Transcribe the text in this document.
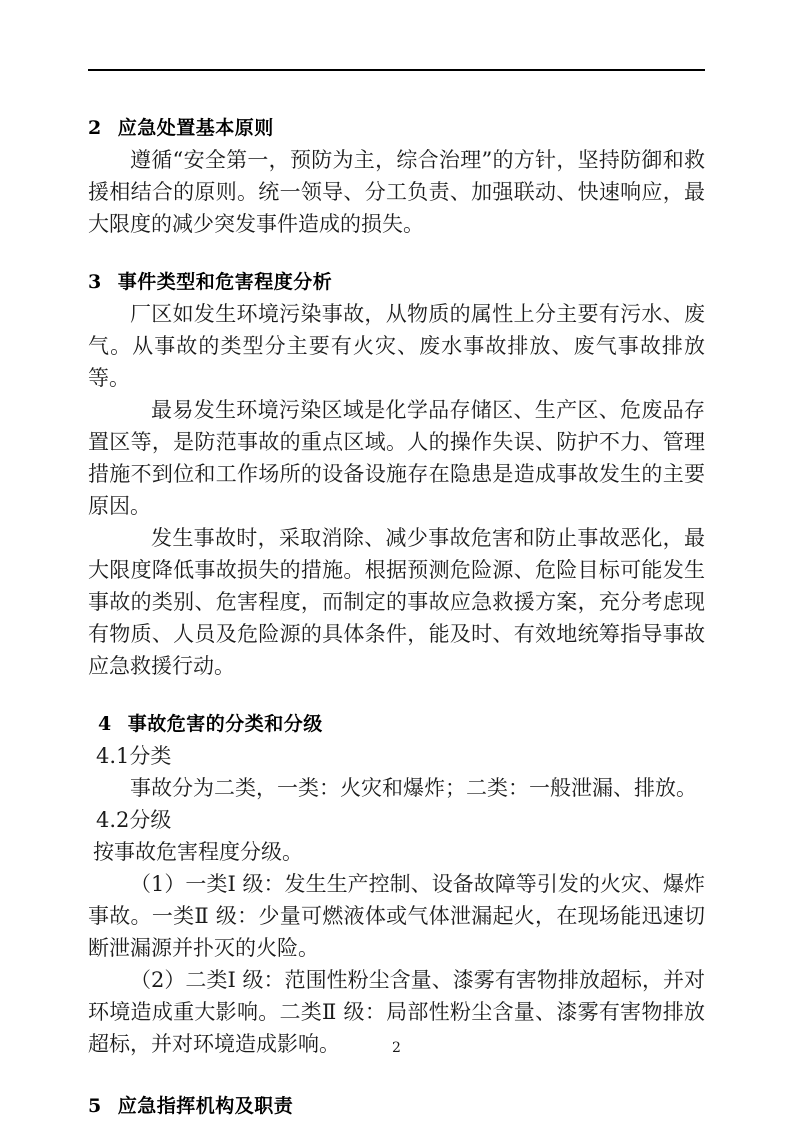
2 应急处置基本原则

遵循“安全第一，预防为主，综合治理”的方针，坚持防御和救援相结合的原则。统一领导、分工负责、加强联动、快速响应，最大限度的减少突发事件造成的损失。

3 事件类型和危害程度分析

厂区如发生环境污染事故，从物质的属性上分主要有污水、废气。从事故的类型分主要有火灾、废水事故排放、废气事故排放等。

最易发生环境污染区域是化学品存储区、生产区、危废品存置区等，是防范事故的重点区域。人的操作失误、防护不力、管理措施不到位和工作场所的设备设施存在隐患是造成事故发生的主要原因。

发生事故时，采取消除、减少事故危害和防止事故恶化，最大限度降低事故损失的措施。根据预测危险源、危险目标可能发生事故的类别、危害程度，而制定的事故应急救援方案，充分考虑现有物质、人员及危险源的具体条件，能及时、有效地统筹指导事故应急救援行动。

4 事故危害的分类和分级

4.1分类

事故分为二类，一类：火灾和爆炸；二类：一般泄漏、排放。

4.2分级

按事故危害程度分级。

（1）一类Ⅰ 级：发生生产控制、设备故障等引发的火灾、爆炸事故。一类Ⅱ 级：少量可燃液体或气体泄漏起火，在现场能迅速切断泄漏源并扑灭的火险。

（2）二类Ⅰ 级：范围性粉尘含量、漆雾有害物排放超标，并对环境造成重大影响。二类Ⅱ 级：局部性粉尘含量、漆雾有害物排放超标，并对环境造成影响。

5 应急指挥机构及职责
2
